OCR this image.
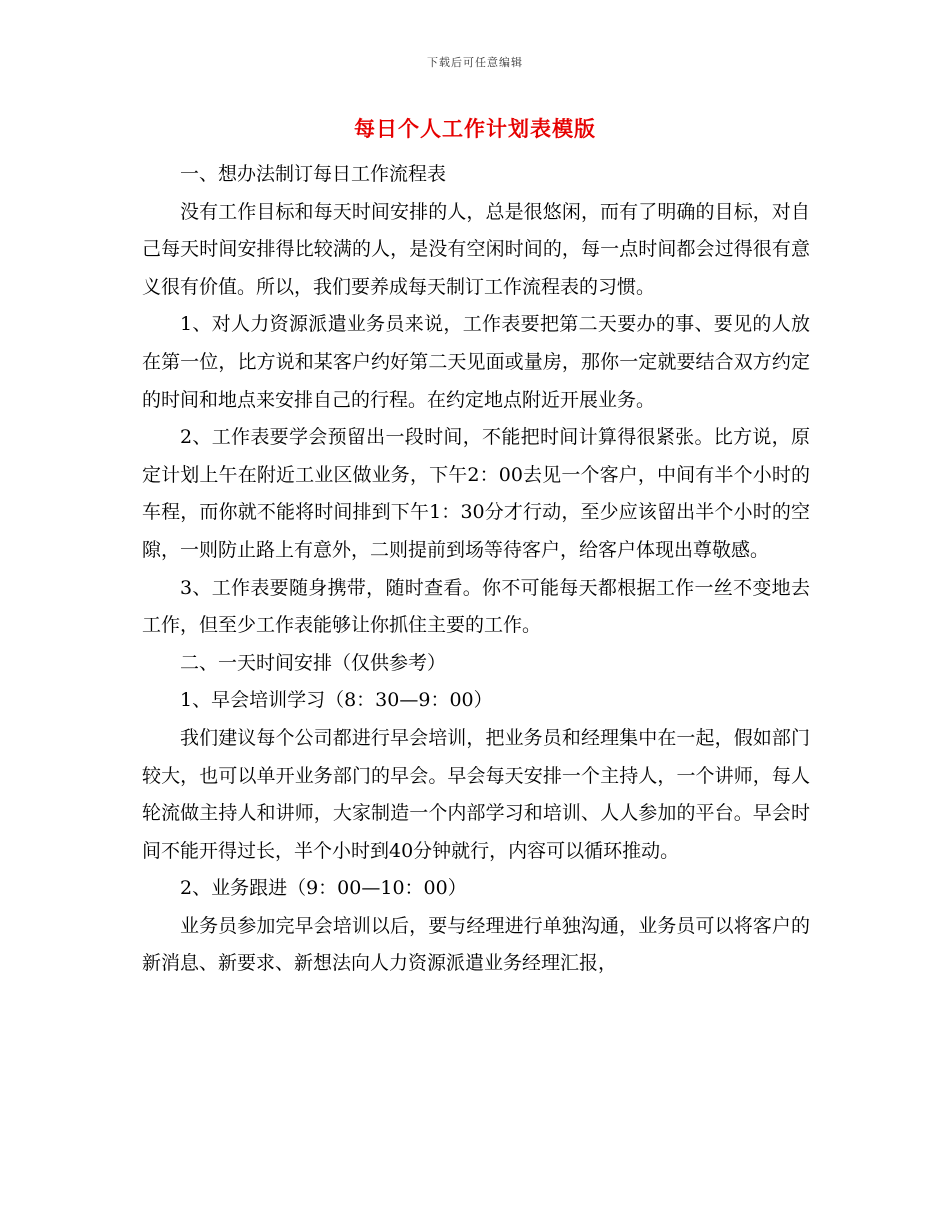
下载后可任意编辑
每日个人工作计划表模版

一、想办法制订每日工作流程表

没有工作目标和每天时间安排的人，总是很悠闲，而有了明确的目标，对自己每天时间安排得比较满的人，是没有空闲时间的，每一点时间都会过得很有意义很有价值。所以，我们要养成每天制订工作流程表的习惯。

1、对人力资源派遣业务员来说，工作表要把第二天要办的事、要见的人放在第一位，比方说和某客户约好第二天见面或量房，那你一定就要结合双方约定的时间和地点来安排自己的行程。在约定地点附近开展业务。

2、工作表要学会预留出一段时间，不能把时间计算得很紧张。比方说，原定计划上午在附近工业区做业务，下午2：00去见一个客户，中间有半个小时的车程，而你就不能将时间排到下午1：30分才行动，至少应该留出半个小时的空隙，一则防止路上有意外，二则提前到场等待客户，给客户体现出尊敬感。

3、工作表要随身携带，随时查看。你不可能每天都根据工作一丝不变地去工作，但至少工作表能够让你抓住主要的工作。

二、一天时间安排（仅供参考）

1、早会培训学习（8：30—9：00）

我们建议每个公司都进行早会培训，把业务员和经理集中在一起，假如部门较大，也可以单开业务部门的早会。早会每天安排一个主持人，一个讲师，每人轮流做主持人和讲师，大家制造一个内部学习和培训、人人参加的平台。早会时间不能开得过长，半个小时到40分钟就行，内容可以循环推动。

2、业务跟进（9：00—10：00）

业务员参加完早会培训以后，要与经理进行单独沟通，业务员可以将客户的新消息、新要求、新想法向人力资源派遣业务经理汇报，
